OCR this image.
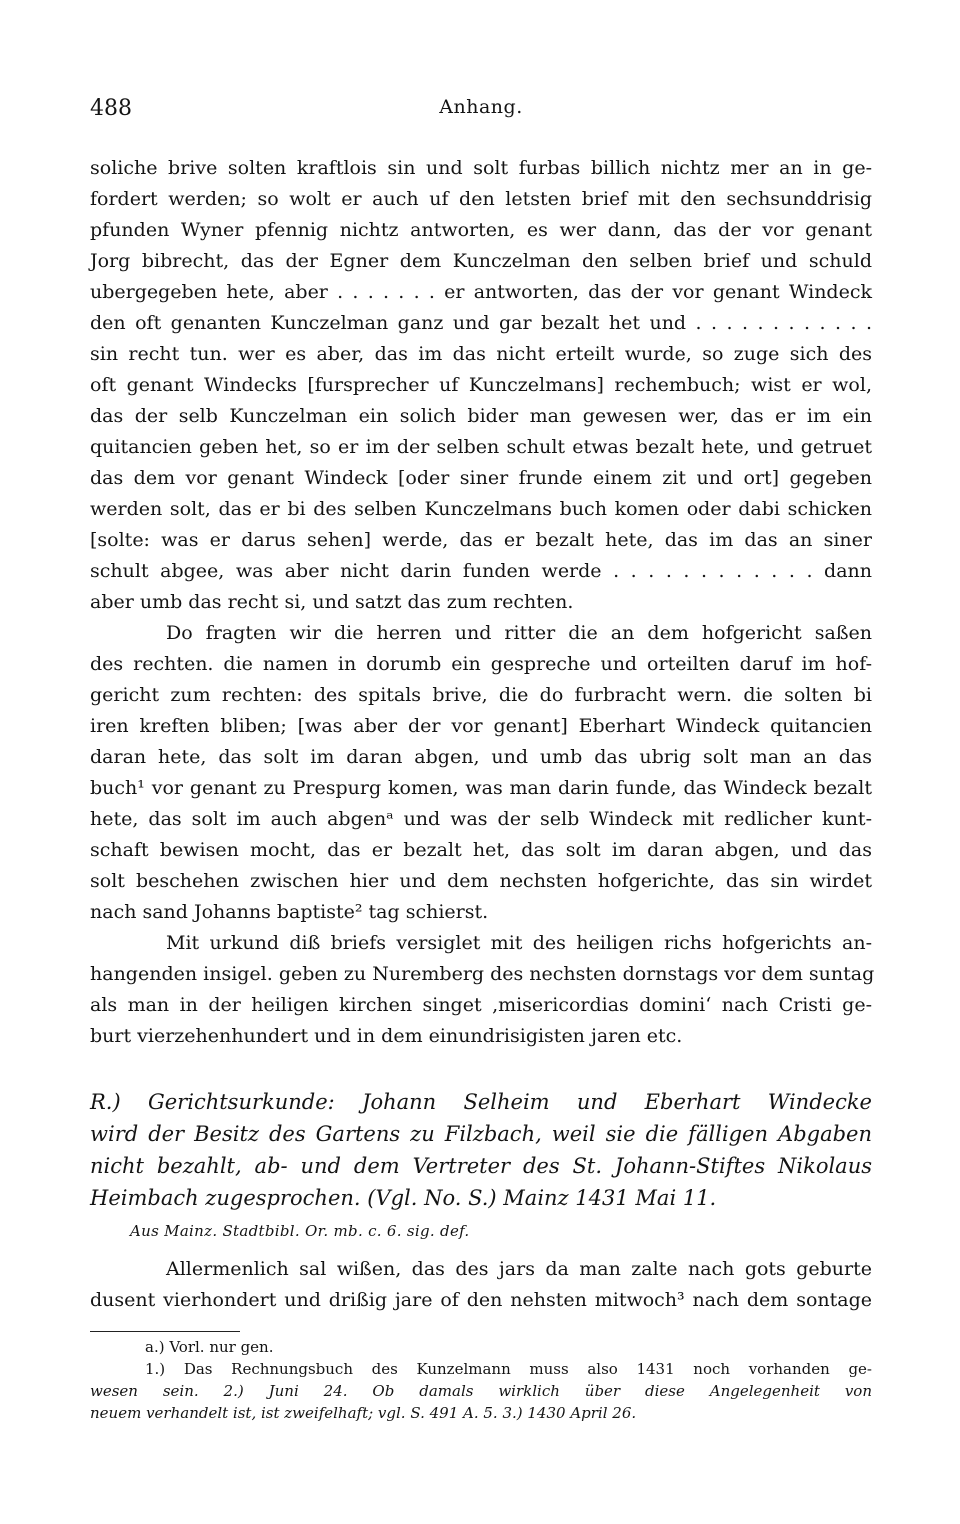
488	Anhang.
soliche brive solten kraftlois sin und solt furbas billich nichtz mer an in ge-
fordert werden; so wolt er auch uf den letsten brief mit den sechsunddrisig
pfunden Wyner pfennig nichtz antworten, es wer dann, das der vor genant
Jorg bibrecht, das der Egner dem Kunczelman den selben brief und schuld
ubergegeben hete, aber . . . . . . . er antworten, das der vor genant Windeck
den oft genanten Kunczelman ganz und gar bezalt het und . . . . . . . . . . . .
sin recht tun. wer es aber, das im das nicht erteilt wurde, so zuge sich des
oft genant Windecks [fursprecher uf Kunczelmans] rechembuch; wist er wol,
das der selb Kunczelman ein solich bider man gewesen wer, das er im ein
quitancien geben het, so er im der selben schult etwas bezalt hete, und getruet
das dem vor genant Windeck [oder siner frunde einem zit und ort] gegeben
werden solt, das er bi des selben Kunczelmans buch komen oder dabi schicken
[solte: was er darus sehen] werde, das er bezalt hete, das im das an siner
schult abgee, was aber nicht darin funden werde . . . . . . . . . . . . dann
aber umb das recht si, und satzt das zum rechten.
Do fragten wir die herren und ritter die an dem hofgericht saßen
des rechten. die namen in dorumb ein gespreche und orteilten daruf im hof-
gericht zum rechten: des spitals brive, die do furbracht wern. die solten bi
iren kreften bliben; [was aber der vor genant] Eberhart Windeck quitancien
daran hete, das solt im daran abgen, und umb das ubrig solt man an das
buch¹ vor genant zu Prespurg komen, was man darin funde, das Windeck bezalt
hete, das solt im auch abgenᵃ und was der selb Windeck mit redlicher kunt-
schaft bewisen mocht, das er bezalt het, das solt im daran abgen, und das
solt beschehen zwischen hier und dem nechsten hofgerichte, das sin wirdet
nach sand Johanns baptiste² tag schierst.
Mit urkund diß briefs versiglet mit des heiligen richs hofgerichts an-
hangenden insigel. geben zu Nuremberg des nechsten dornstags vor dem suntag
als man in der heiligen kirchen singet ‚misericordias domini‘ nach Cristi ge-
burt vierzehenhundert und in dem einundrisigisten jaren etc.
R.) Gerichtsurkunde: Johann Selheim und Eberhart Windecke
wird der Besitz des Gartens zu Filzbach, weil sie die fälligen Abgaben
nicht bezahlt, ab- und dem Vertreter des St. Johann-Stiftes Nikolaus
Heimbach zugesprochen. (Vgl. No. S.) Mainz 1431 Mai 11.
Aus Mainz. Stadtbibl. Or. mb. c. 6. sig. def.
Allermenlich sal wißen, das des jars da man zalte nach gots geburte
dusent vierhondert und drißig jare of den nehsten mitwoch³ nach dem sontage
a.) Vorl. nur gen.
1.) Das Rechnungsbuch des Kunzelmann muss also 1431 noch vorhanden ge-
wesen sein. 2.) Juni 24. Ob damals wirklich über diese Angelegenheit von
neuem verhandelt ist, ist zweifelhaft; vgl. S. 491 A. 5. 3.) 1430 April 26.
